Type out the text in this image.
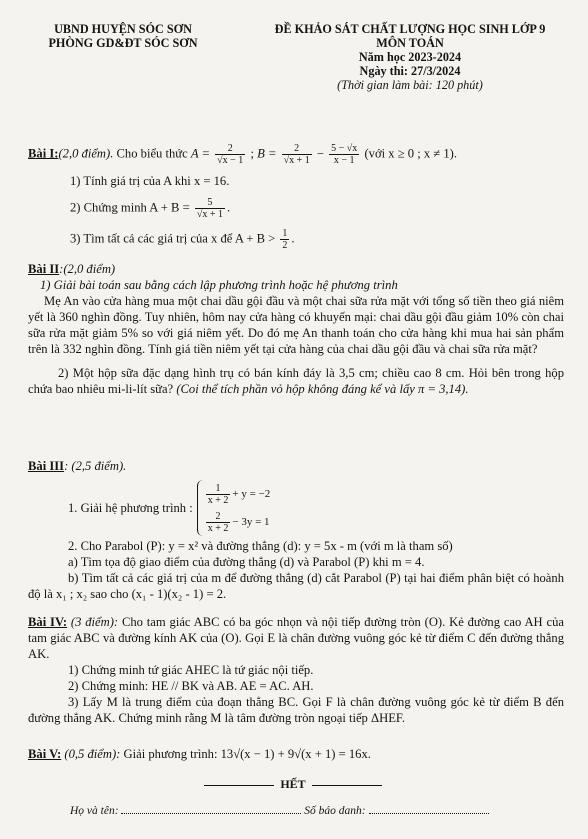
UBND HUYỆN SÓC SƠN
PHÒNG GD&ĐT SÓC SƠN
ĐỀ KHẢO SÁT CHẤT LƯỢNG HỌC SINH LỚP 9
MÔN TOÁN
Năm học 2023-2024
Ngày thi: 27/3/2024
(Thời gian làm bài: 120 phút)
Bài I:(2,0 điểm). Cho biểu thức $A = \frac{2}{√x - 1}$ ; $B = \frac{2}{√x + 1} - \frac{5 - √x}{x - 1}$ (với x ≥ 0 ; x ≠ 1).
1) Tính giá trị của A khi x = 16.
2) Chứng minh $A + B = \frac{5}{√x + 1}$ .
3) Tìm tất cả các giá trị của x để $A + B > \frac{1}{2}$ .
Bài II:(2,0 điểm)
1) Giải bài toán sau bằng cách lập phương trình hoặc hệ phương trình
Mẹ An vào cửa hàng mua một chai dầu gội đầu và một chai sữa rửa mặt với tổng số tiền theo giá niêm yết là 360 nghìn đồng. Tuy nhiên, hôm nay cửa hàng có khuyến mại: chai dầu gội đầu giảm 10% còn chai sữa rửa mặt giảm 5% so với giá niêm yết. Do đó mẹ An thanh toán cho cửa hàng khi mua hai sản phẩm trên là 332 nghìn đồng. Tính giá tiền niêm yết tại cửa hàng của chai dầu gội đầu và chai sữa rửa mặt?
2) Một hộp sữa đặc dạng hình trụ có bán kính đáy là 3,5 cm; chiều cao 8 cm. Hỏi bên trong hộp chứa bao nhiêu mi-li-lít sữa? (Coi thể tích phần vỏ hộp không đáng kể và lấy π = 3,14).
Bài III: (2,5 điểm).
1. Giải hệ phương trình :
$\frac{1}{x + 2} + y = -2$
$\frac{2}{x + 2} - 3y = 1$
2. Cho Parabol (P): y = x² và đường thẳng (d): y = 5x - m (với m là tham số)
a) Tìm tọa độ giao điểm của đường thẳng (d) và Parabol (P) khi m = 4.
b) Tìm tất cả các giá trị của m để đường thẳng (d) cắt Parabol (P) tại hai điểm phân biệt có hoành độ là x₁ ; x₂ sao cho (x₁ - 1)(x₂ - 1) = 2.
Bài IV: (3 điểm): Cho tam giác ABC có ba góc nhọn và nội tiếp đường tròn (O). Kẻ đường cao AH của tam giác ABC và đường kính AK của (O). Gọi E là chân đường vuông góc kẻ từ điểm C đến đường thẳng AK.
1) Chứng minh tứ giác AHEC là tứ giác nội tiếp.
2) Chứng minh: HE // BK và AB. AE = AC. AH.
3) Lấy M là trung điểm của đoạn thẳng BC. Gọi F là chân đường vuông góc kẻ từ điểm B đến đường thẳng AK. Chứng minh rằng M là tâm đường tròn ngoại tiếp ΔHEF.
Bài V: (0,5 điểm): Giải phương trình: 13√(x − 1) + 9√(x + 1) = 16x.
HẾT
Họ và tên:	Số báo danh:
